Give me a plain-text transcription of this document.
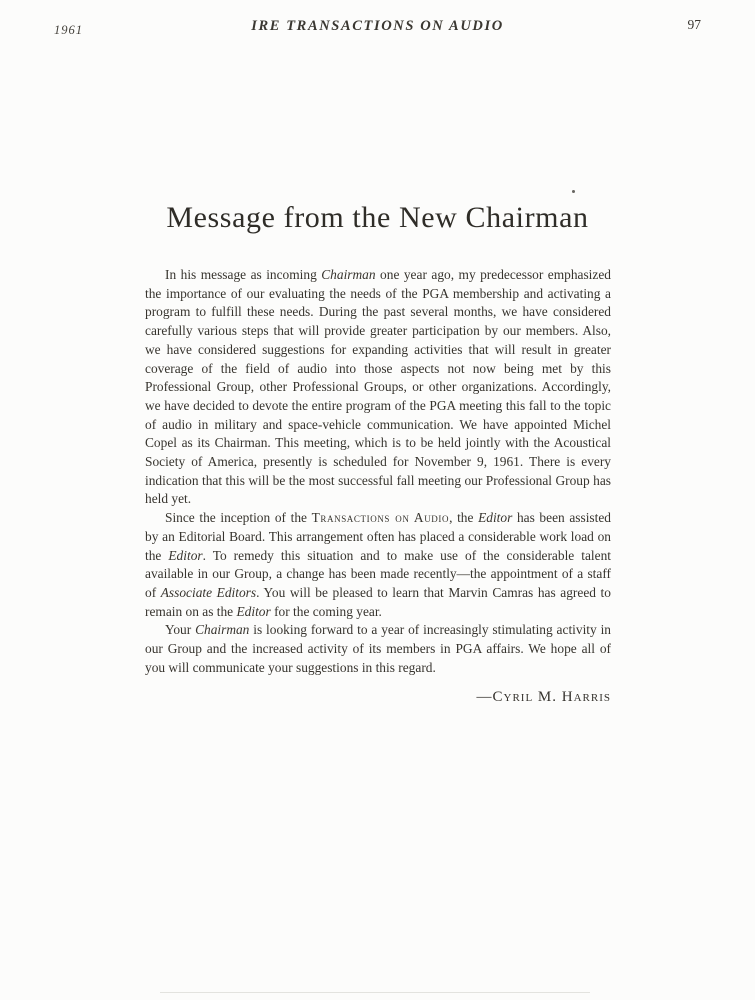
1961	IRE TRANSACTIONS ON AUDIO	97
Message from the New Chairman

In his message as incoming Chairman one year ago, my predecessor emphasized the importance of our evaluating the needs of the PGA membership and activating a program to fulfill these needs. During the past several months, we have considered carefully various steps that will provide greater participation by our members. Also, we have considered suggestions for expanding activities that will result in greater coverage of the field of audio into those aspects not now being met by this Professional Group, other Professional Groups, or other organizations. Accordingly, we have decided to devote the entire program of the PGA meeting this fall to the topic of audio in military and space-vehicle communication. We have appointed Michel Copel as its Chairman. This meeting, which is to be held jointly with the Acoustical Society of America, presently is scheduled for November 9, 1961. There is every indication that this will be the most successful fall meeting our Professional Group has held yet.

Since the inception of the Transactions on Audio, the Editor has been assisted by an Editorial Board. This arrangement often has placed a considerable work load on the Editor. To remedy this situation and to make use of the considerable talent available in our Group, a change has been made recently—the appointment of a staff of Associate Editors. You will be pleased to learn that Marvin Camras has agreed to remain on as the Editor for the coming year.

Your Chairman is looking forward to a year of increasingly stimulating activity in our Group and the increased activity of its members in PGA affairs. We hope all of you will communicate your suggestions in this regard.

—Cyril M. Harris
